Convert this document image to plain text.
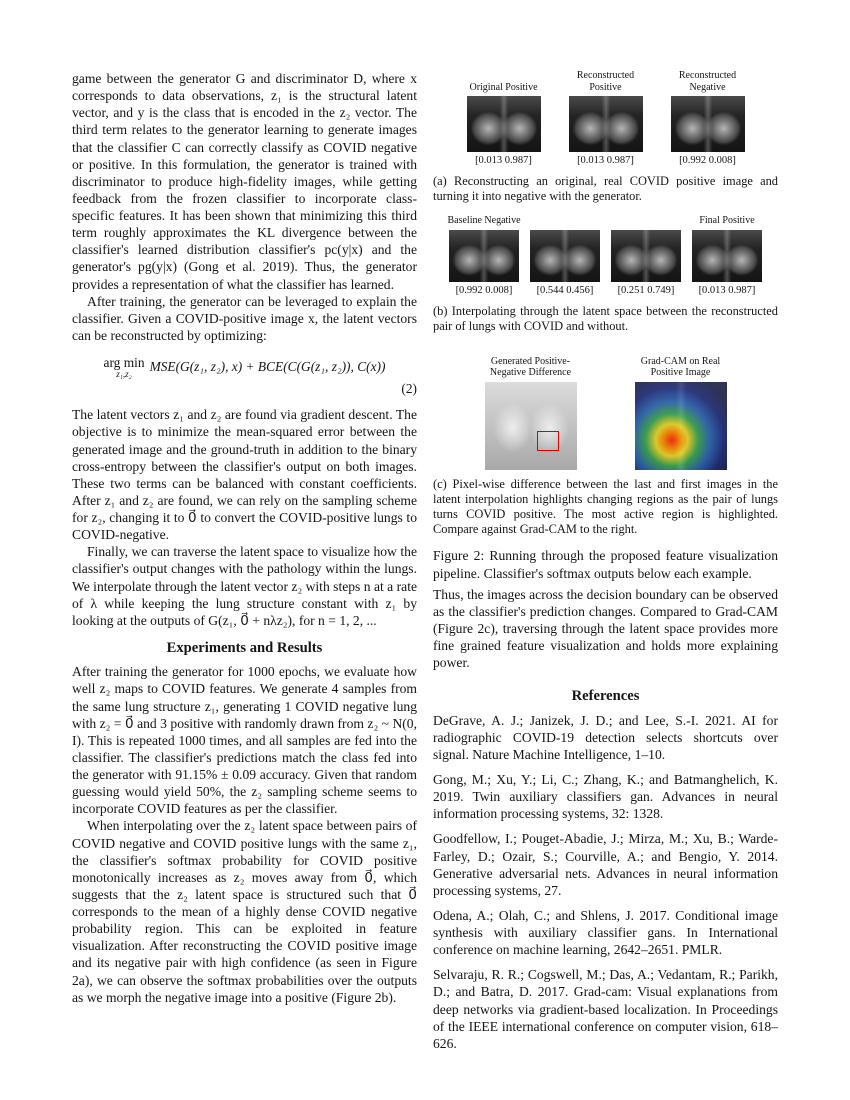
game between the generator G and discriminator D, where x corresponds to data observations, z₁ is the structural latent vector, and y is the class that is encoded in the z₂ vector. The third term relates to the generator learning to generate images that the classifier C can correctly classify as COVID negative or positive. In this formulation, the generator is trained with discriminator to produce high-fidelity images, while getting feedback from the frozen classifier to incorporate class-specific features. It has been shown that minimizing this third term roughly approximates the KL divergence between the classifier's learned distribution classifier's pc(y|x) and the generator's pg(y|x) (Gong et al. 2019). Thus, the generator provides a representation of what the classifier has learned.

After training, the generator can be leveraged to explain the classifier. Given a COVID-positive image x, the latent vectors can be reconstructed by optimizing:

arg min
z₁,z₂
MSE(G(z₁, z₂), x) + BCE(C(G(z₁, z₂)), C(x))
(2)

The latent vectors z₁ and z₂ are found via gradient descent. The objective is to minimize the mean-squared error between the generated image and the ground-truth in addition to the binary cross-entropy between the classifier's output on both images. These two terms can be balanced with constant coefficients. After z₁ and z₂ are found, we can rely on the sampling scheme for z₂, changing it to 0⃗ to convert the COVID-positive lungs to COVID-negative.

Finally, we can traverse the latent space to visualize how the classifier's output changes with the pathology within the lungs. We interpolate through the latent vector z₂ with steps n at a rate of λ while keeping the lung structure constant with z₁ by looking at the outputs of G(z₁, 0⃗ + nλz₂), for n = 1, 2, ...

Experiments and Results

After training the generator for 1000 epochs, we evaluate how well z₂ maps to COVID features. We generate 4 samples from the same lung structure z₁, generating 1 COVID negative lung with z₂ = 0⃗ and 3 positive with randomly drawn from z₂ ~ N(0, I). This is repeated 1000 times, and all samples are fed into the classifier. The classifier's predictions match the class fed into the generator with 91.15% ± 0.09 accuracy. Given that random guessing would yield 50%, the z₂ sampling scheme seems to incorporate COVID features as per the classifier.

When interpolating over the z₂ latent space between pairs of COVID negative and COVID positive lungs with the same z₁, the classifier's softmax probability for COVID positive monotonically increases as z₂ moves away from 0⃗, which suggests that the z₂ latent space is structured such that 0⃗ corresponds to the mean of a highly dense COVID negative probability region. This can be exploited in feature visualization. After reconstructing the COVID positive image and its negative pair with high confidence (as seen in Figure 2a), we can observe the softmax probabilities over the outputs as we morph the negative image into a positive (Figure 2b).

Original Positive
[0.013 0.987]
Reconstructed Positive
[0.013 0.987]
Reconstructed Negative
[0.992 0.008]
(a) Reconstructing an original, real COVID positive image and turning it into negative with the generator.
Baseline Negative
[0.992 0.008] [0.544 0.456] [0.251 0.749]
Final Positive
[0.013 0.987]
(b) Interpolating through the latent space between the reconstructed pair of lungs with COVID and without.
Generated Positive-Negative Difference
Grad-CAM on Real Positive Image
(c) Pixel-wise difference between the last and first images in the latent interpolation highlights changing regions as the pair of lungs turns COVID positive. The most active region is highlighted. Compare against Grad-CAM to the right.
Figure 2: Running through the proposed feature visualization pipeline. Classifier's softmax outputs below each example.

Thus, the images across the decision boundary can be observed as the classifier's prediction changes. Compared to Grad-CAM (Figure 2c), traversing through the latent space provides more fine grained feature visualization and holds more explaining power.

References
DeGrave, A. J.; Janizek, J. D.; and Lee, S.-I. 2021. AI for radiographic COVID-19 detection selects shortcuts over signal. Nature Machine Intelligence, 1–10.
Gong, M.; Xu, Y.; Li, C.; Zhang, K.; and Batmanghelich, K. 2019. Twin auxiliary classifiers gan. Advances in neural information processing systems, 32: 1328.
Goodfellow, I.; Pouget-Abadie, J.; Mirza, M.; Xu, B.; Warde-Farley, D.; Ozair, S.; Courville, A.; and Bengio, Y. 2014. Generative adversarial nets. Advances in neural information processing systems, 27.
Odena, A.; Olah, C.; and Shlens, J. 2017. Conditional image synthesis with auxiliary classifier gans. In International conference on machine learning, 2642–2651. PMLR.
Selvaraju, R. R.; Cogswell, M.; Das, A.; Vedantam, R.; Parikh, D.; and Batra, D. 2017. Grad-cam: Visual explanations from deep networks via gradient-based localization. In Proceedings of the IEEE international conference on computer vision, 618–626.
